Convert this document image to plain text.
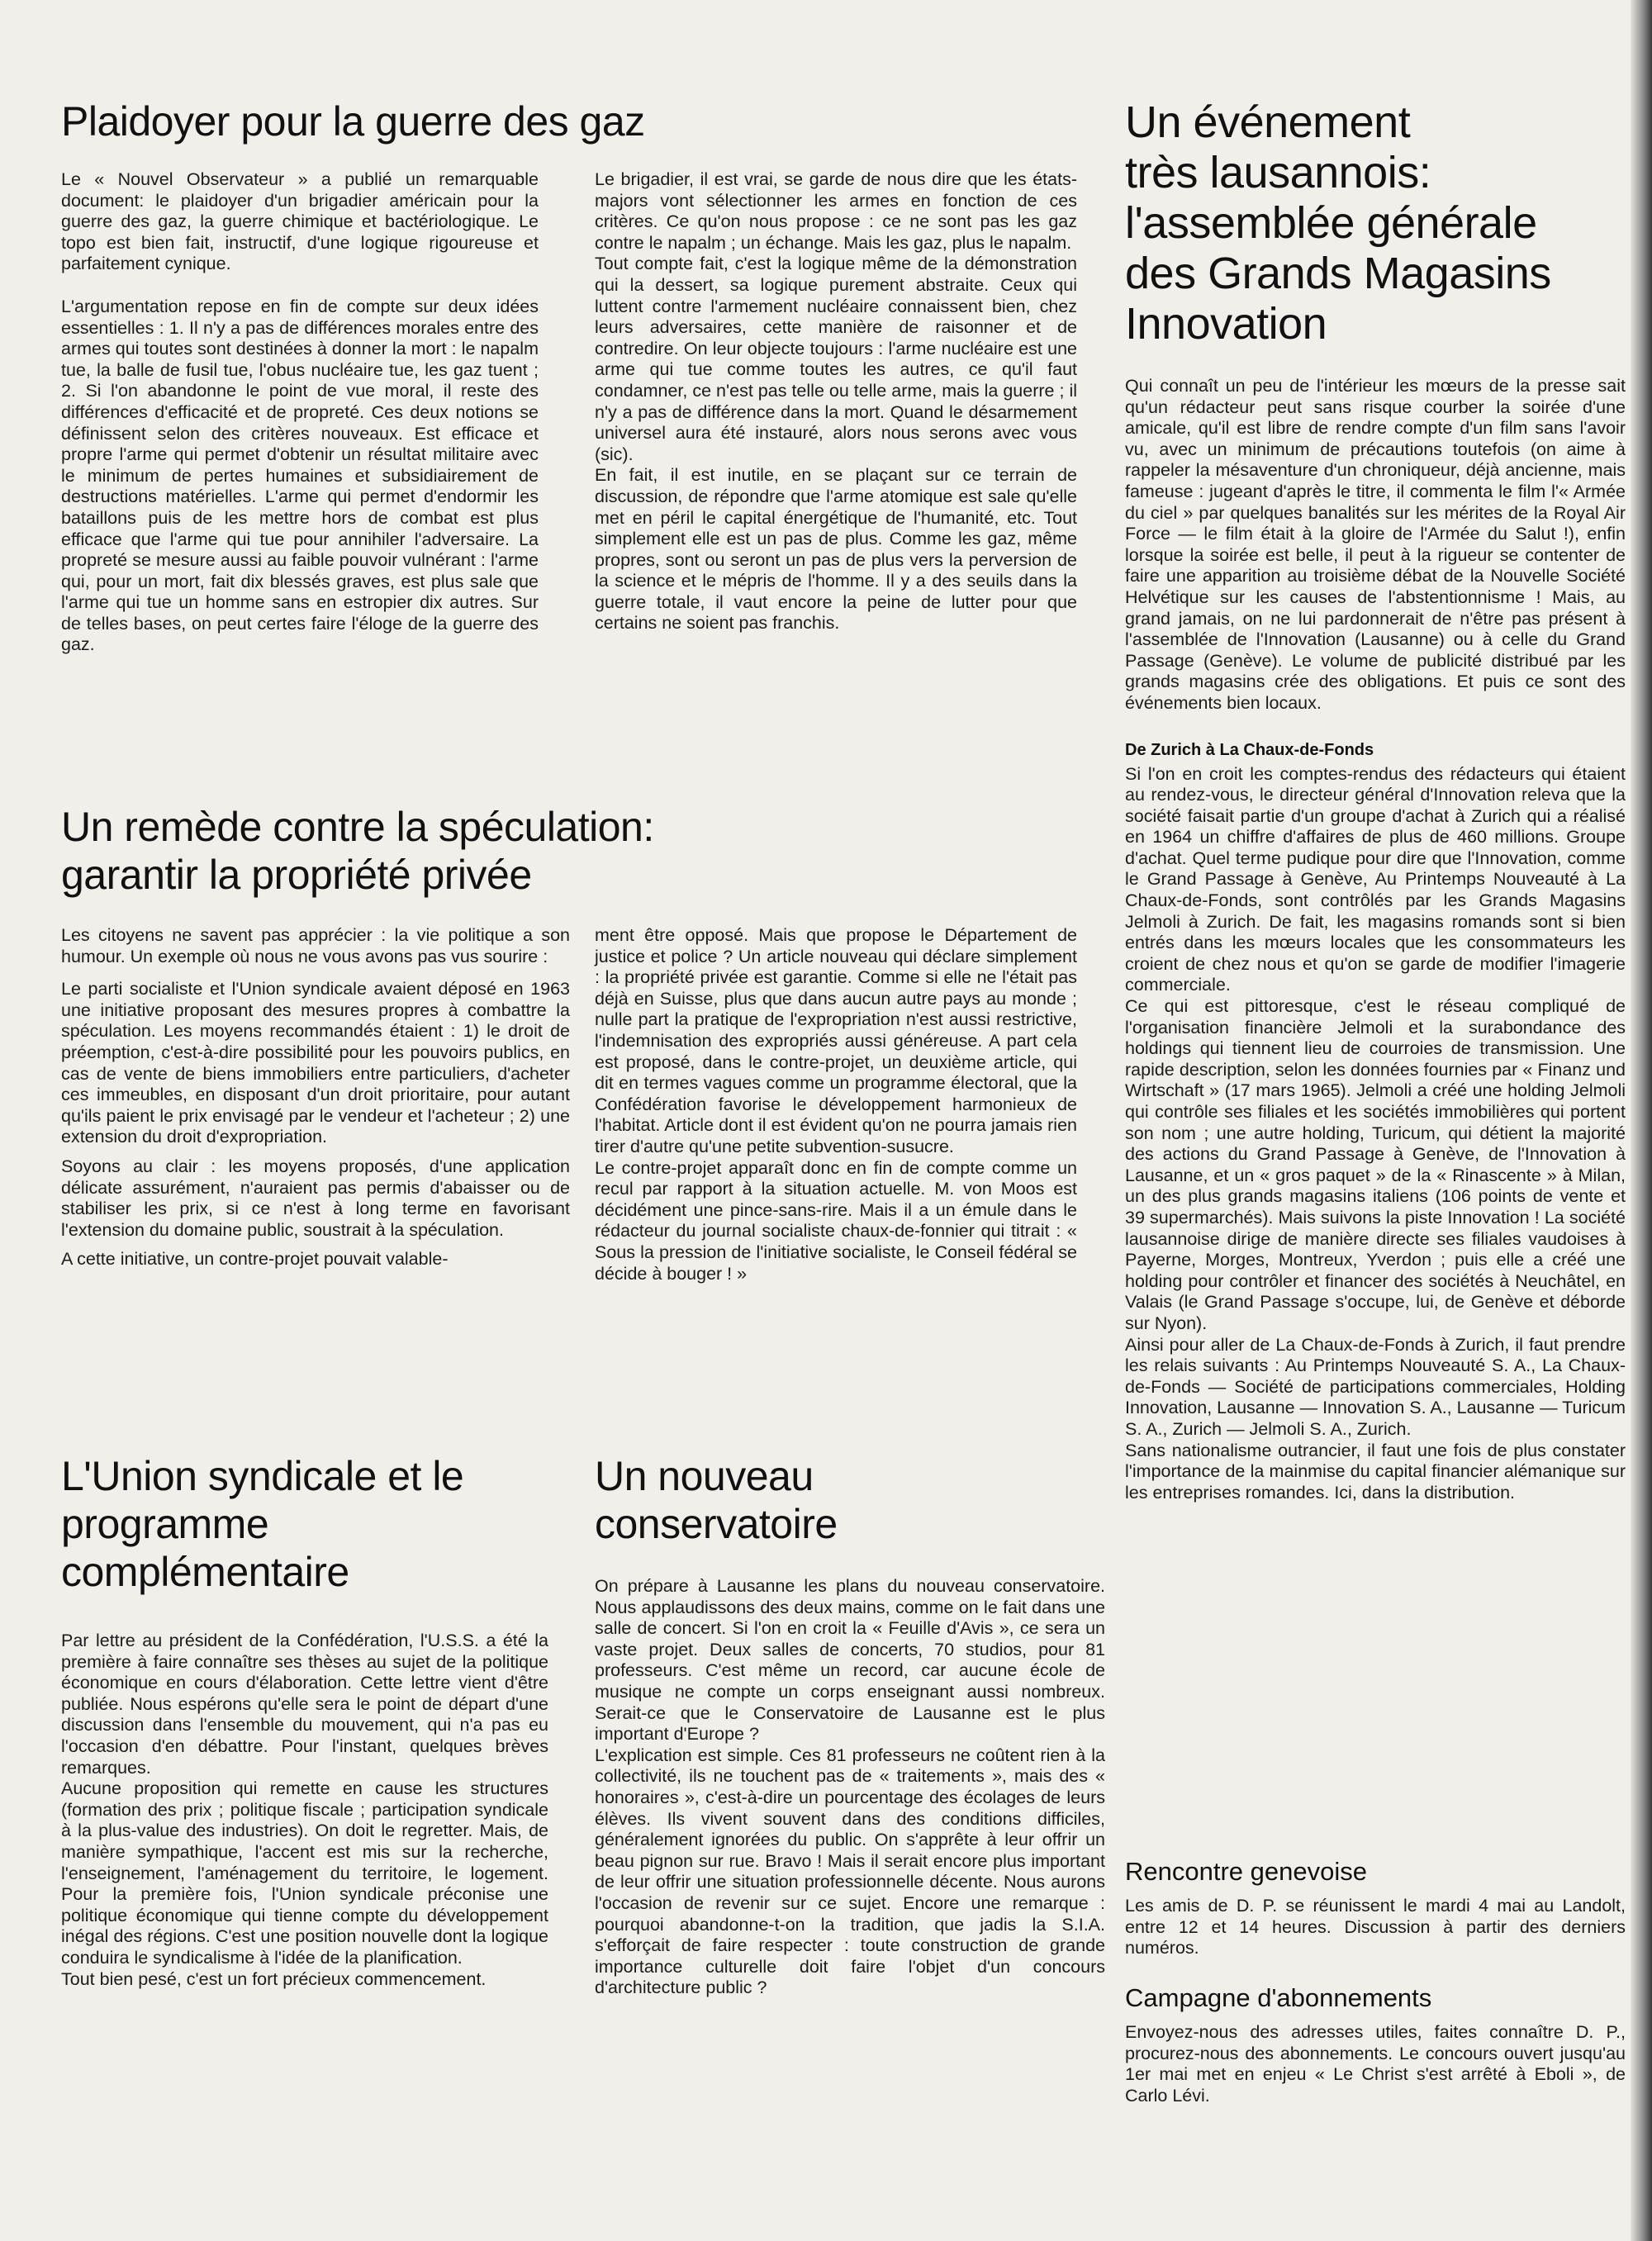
Plaidoyer pour la guerre des gaz

Le « Nouvel Observateur » a publié un remarquable document: le plaidoyer d'un brigadier américain pour la guerre des gaz, la guerre chimique et bactériologique. Le topo est bien fait, instructif, d'une logique rigoureuse et parfaitement cynique.

L'argumentation repose en fin de compte sur deux idées essentielles : 1. Il n'y a pas de différences morales entre des armes qui toutes sont destinées à donner la mort : le napalm tue, la balle de fusil tue, l'obus nucléaire tue, les gaz tuent ; 2. Si l'on abandonne le point de vue moral, il reste des différences d'efficacité et de propreté. Ces deux notions se définissent selon des critères nouveaux. Est efficace et propre l'arme qui permet d'obtenir un résultat militaire avec le minimum de pertes humaines et subsidiairement de destructions matérielles. L'arme qui permet d'endormir les bataillons puis de les mettre hors de combat est plus efficace que l'arme qui tue pour annihiler l'adversaire. La propreté se mesure aussi au faible pouvoir vulnérant : l'arme qui, pour un mort, fait dix blessés graves, est plus sale que l'arme qui tue un homme sans en estropier dix autres. Sur de telles bases, on peut certes faire l'éloge de la guerre des gaz.

Le brigadier, il est vrai, se garde de nous dire que les états-majors vont sélectionner les armes en fonction de ces critères. Ce qu'on nous propose : ce ne sont pas les gaz contre le napalm ; un échange. Mais les gaz, plus le napalm.

Tout compte fait, c'est la logique même de la démonstration qui la dessert, sa logique purement abstraite. Ceux qui luttent contre l'armement nucléaire connaissent bien, chez leurs adversaires, cette manière de raisonner et de contredire. On leur objecte toujours : l'arme nucléaire est une arme qui tue comme toutes les autres, ce qu'il faut condamner, ce n'est pas telle ou telle arme, mais la guerre ; il n'y a pas de différence dans la mort. Quand le désarmement universel aura été instauré, alors nous serons avec vous (sic).

En fait, il est inutile, en se plaçant sur ce terrain de discussion, de répondre que l'arme atomique est sale qu'elle met en péril le capital énergétique de l'humanité, etc. Tout simplement elle est un pas de plus. Comme les gaz, même propres, sont ou seront un pas de plus vers la perversion de la science et le mépris de l'homme. Il y a des seuils dans la guerre totale, il vaut encore la peine de lutter pour que certains ne soient pas franchis.

Un remède contre la spéculation:
garantir la propriété privée

Les citoyens ne savent pas apprécier : la vie politique a son humour. Un exemple où nous ne vous avons pas vus sourire :

Le parti socialiste et l'Union syndicale avaient déposé en 1963 une initiative proposant des mesures propres à combattre la spéculation. Les moyens recommandés étaient : 1) le droit de préemption, c'est-à-dire possibilité pour les pouvoirs publics, en cas de vente de biens immobiliers entre particuliers, d'acheter ces immeubles, en disposant d'un droit prioritaire, pour autant qu'ils paient le prix envisagé par le vendeur et l'acheteur ; 2) une extension du droit d'expropriation.

Soyons au clair : les moyens proposés, d'une application délicate assurément, n'auraient pas permis d'abaisser ou de stabiliser les prix, si ce n'est à long terme en favorisant l'extension du domaine public, soustrait à la spéculation.

A cette initiative, un contre-projet pouvait valable-

ment être opposé. Mais que propose le Département de justice et police ? Un article nouveau qui déclare simplement : la propriété privée est garantie. Comme si elle ne l'était pas déjà en Suisse, plus que dans aucun autre pays au monde ; nulle part la pratique de l'expropriation n'est aussi restrictive, l'indemnisation des expropriés aussi généreuse. A part cela est proposé, dans le contre-projet, un deuxième article, qui dit en termes vagues comme un programme électoral, que la Confédération favorise le développement harmonieux de l'habitat. Article dont il est évident qu'on ne pourra jamais rien tirer d'autre qu'une petite subvention-susucre.

Le contre-projet apparaît donc en fin de compte comme un recul par rapport à la situation actuelle. M. von Moos est décidément une pince-sans-rire. Mais il a un émule dans le rédacteur du journal socialiste chaux-de-fonnier qui titrait : « Sous la pression de l'initiative socialiste, le Conseil fédéral se décide à bouger ! »

L'Union syndicale et le
programme
complémentaire

Par lettre au président de la Confédération, l'U.S.S. a été la première à faire connaître ses thèses au sujet de la politique économique en cours d'élaboration. Cette lettre vient d'être publiée. Nous espérons qu'elle sera le point de départ d'une discussion dans l'ensemble du mouvement, qui n'a pas eu l'occasion d'en débattre. Pour l'instant, quelques brèves remarques.

Aucune proposition qui remette en cause les structures (formation des prix ; politique fiscale ; participation syndicale à la plus-value des industries). On doit le regretter. Mais, de manière sympathique, l'accent est mis sur la recherche, l'enseignement, l'aménagement du territoire, le logement. Pour la première fois, l'Union syndicale préconise une politique économique qui tienne compte du développement inégal des régions. C'est une position nouvelle dont la logique conduira le syndicalisme à l'idée de la planification.

Tout bien pesé, c'est un fort précieux commencement.

Un nouveau
conservatoire

On prépare à Lausanne les plans du nouveau conservatoire. Nous applaudissons des deux mains, comme on le fait dans une salle de concert. Si l'on en croit la « Feuille d'Avis », ce sera un vaste projet. Deux salles de concerts, 70 studios, pour 81 professeurs. C'est même un record, car aucune école de musique ne compte un corps enseignant aussi nombreux. Serait-ce que le Conservatoire de Lausanne est le plus important d'Europe ?

L'explication est simple. Ces 81 professeurs ne coûtent rien à la collectivité, ils ne touchent pas de « traitements », mais des « honoraires », c'est-à-dire un pourcentage des écolages de leurs élèves. Ils vivent souvent dans des conditions difficiles, généralement ignorées du public. On s'apprête à leur offrir un beau pignon sur rue. Bravo ! Mais il serait encore plus important de leur offrir une situation professionnelle décente. Nous aurons l'occasion de revenir sur ce sujet. Encore une remarque : pourquoi abandonne-t-on la tradition, que jadis la S.I.A. s'efforçait de faire respecter : toute construction de grande importance culturelle doit faire l'objet d'un concours d'architecture public ?

Un événement
très lausannois:
l'assemblée générale
des Grands Magasins
Innovation

Qui connaît un peu de l'intérieur les mœurs de la presse sait qu'un rédacteur peut sans risque courber la soirée d'une amicale, qu'il est libre de rendre compte d'un film sans l'avoir vu, avec un minimum de précautions toutefois (on aime à rappeler la mésaventure d'un chroniqueur, déjà ancienne, mais fameuse : jugeant d'après le titre, il commenta le film l'« Armée du ciel » par quelques banalités sur les mérites de la Royal Air Force — le film était à la gloire de l'Armée du Salut !), enfin lorsque la soirée est belle, il peut à la rigueur se contenter de faire une apparition au troisième débat de la Nouvelle Société Helvétique sur les causes de l'abstentionnisme ! Mais, au grand jamais, on ne lui pardonnerait de n'être pas présent à l'assemblée de l'Innovation (Lausanne) ou à celle du Grand Passage (Genève). Le volume de publicité distribué par les grands magasins crée des obligations. Et puis ce sont des événements bien locaux.

De Zurich à La Chaux-de-Fonds

Si l'on en croit les comptes-rendus des rédacteurs qui étaient au rendez-vous, le directeur général d'Innovation releva que la société faisait partie d'un groupe d'achat à Zurich qui a réalisé en 1964 un chiffre d'affaires de plus de 460 millions. Groupe d'achat. Quel terme pudique pour dire que l'Innovation, comme le Grand Passage à Genève, Au Printemps Nouveauté à La Chaux-de-Fonds, sont contrôlés par les Grands Magasins Jelmoli à Zurich. De fait, les magasins romands sont si bien entrés dans les mœurs locales que les consommateurs les croient de chez nous et qu'on se garde de modifier l'imagerie commerciale.

Ce qui est pittoresque, c'est le réseau compliqué de l'organisation financière Jelmoli et la surabondance des holdings qui tiennent lieu de courroies de transmission. Une rapide description, selon les données fournies par « Finanz und Wirtschaft » (17 mars 1965). Jelmoli a créé une holding Jelmoli qui contrôle ses filiales et les sociétés immobilières qui portent son nom ; une autre holding, Turicum, qui détient la majorité des actions du Grand Passage à Genève, de l'Innovation à Lausanne, et un « gros paquet » de la « Rinascente » à Milan, un des plus grands magasins italiens (106 points de vente et 39 supermarchés). Mais suivons la piste Innovation ! La société lausannoise dirige de manière directe ses filiales vaudoises à Payerne, Morges, Montreux, Yverdon ; puis elle a créé une holding pour contrôler et financer des sociétés à Neuchâtel, en Valais (le Grand Passage s'occupe, lui, de Genève et déborde sur Nyon).

Ainsi pour aller de La Chaux-de-Fonds à Zurich, il faut prendre les relais suivants : Au Printemps Nouveauté S. A., La Chaux-de-Fonds — Société de participations commerciales, Holding Innovation, Lausanne — Innovation S. A., Lausanne — Turicum S. A., Zurich — Jelmoli S. A., Zurich.

Sans nationalisme outrancier, il faut une fois de plus constater l'importance de la mainmise du capital financier alémanique sur les entreprises romandes. Ici, dans la distribution.

Rencontre genevoise

Les amis de D. P. se réunissent le mardi 4 mai au Landolt, entre 12 et 14 heures. Discussion à partir des derniers numéros.

Campagne d'abonnements

Envoyez-nous des adresses utiles, faites connaître D. P., procurez-nous des abonnements. Le concours ouvert jusqu'au 1er mai met en enjeu « Le Christ s'est arrêté à Eboli », de Carlo Lévi.
